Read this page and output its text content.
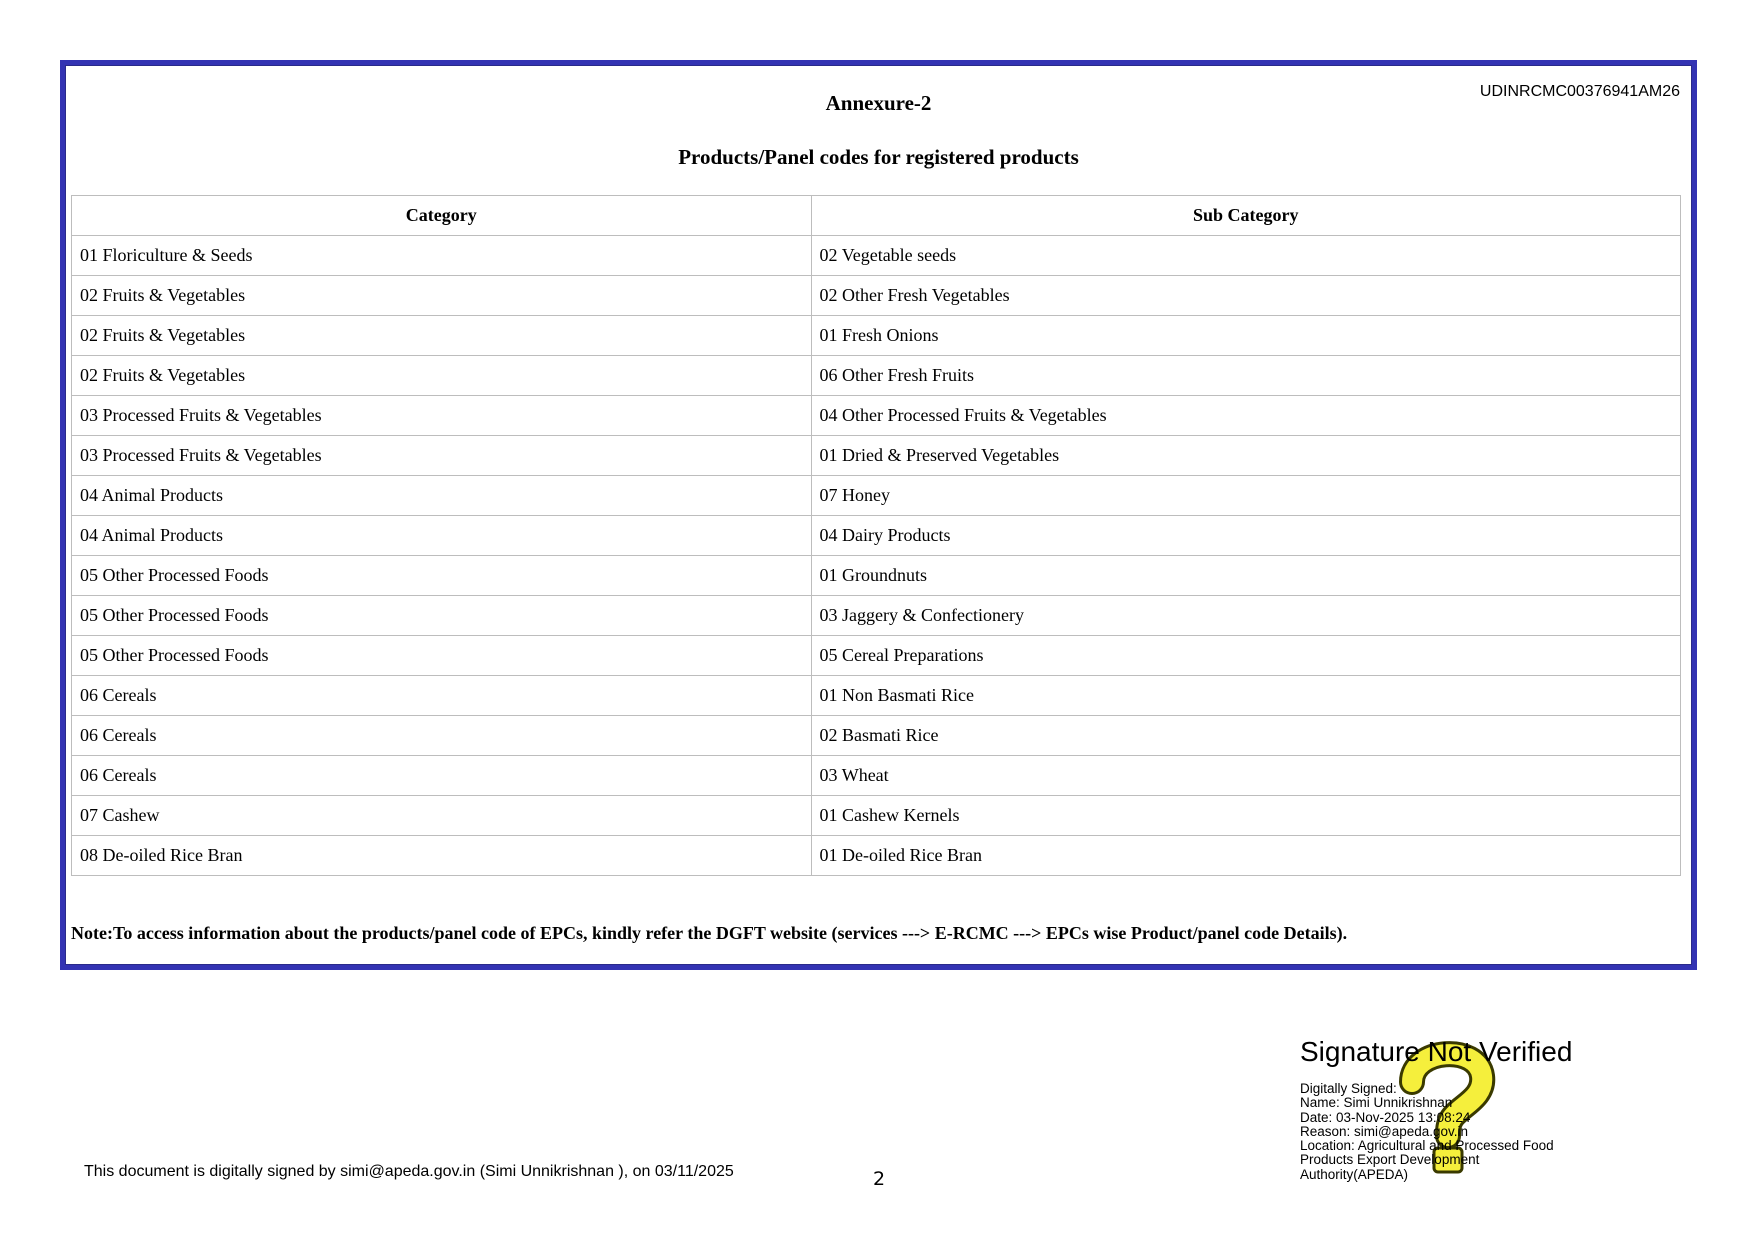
UDINRCMC00376941AM26
Annexure-2
Products/Panel codes for registered products
Category	Sub Category
01 Floriculture & Seeds	02 Vegetable seeds
02 Fruits & Vegetables	02 Other Fresh Vegetables
02 Fruits & Vegetables	01 Fresh Onions
02 Fruits & Vegetables	06 Other Fresh Fruits
03 Processed Fruits & Vegetables	04 Other Processed Fruits & Vegetables
03 Processed Fruits & Vegetables	01 Dried & Preserved Vegetables
04 Animal Products	07 Honey
04 Animal Products	04 Dairy Products
05 Other Processed Foods	01 Groundnuts
05 Other Processed Foods	03 Jaggery & Confectionery
05 Other Processed Foods	05 Cereal Preparations
06 Cereals	01 Non Basmati Rice
06 Cereals	02 Basmati Rice
06 Cereals	03 Wheat
07 Cashew	01 Cashew Kernels
08 De-oiled Rice Bran	01 De-oiled Rice Bran
Note:To access information about the products/panel code of EPCs, kindly refer the DGFT website (services ---> E-RCMC ---> EPCs wise Product/panel code Details).
This document is digitally signed by simi@apeda.gov.in (Simi Unnikrishnan ), on 03/11/2025	2
Signature Not Verified
Digitally Signed:
Name: Simi Unnikrishnan
Date: 03-Nov-2025 13:08:24
Reason: simi@apeda.gov.in
Location: Agricultural and Processed Food
Products Export Development
Authority(APEDA)
